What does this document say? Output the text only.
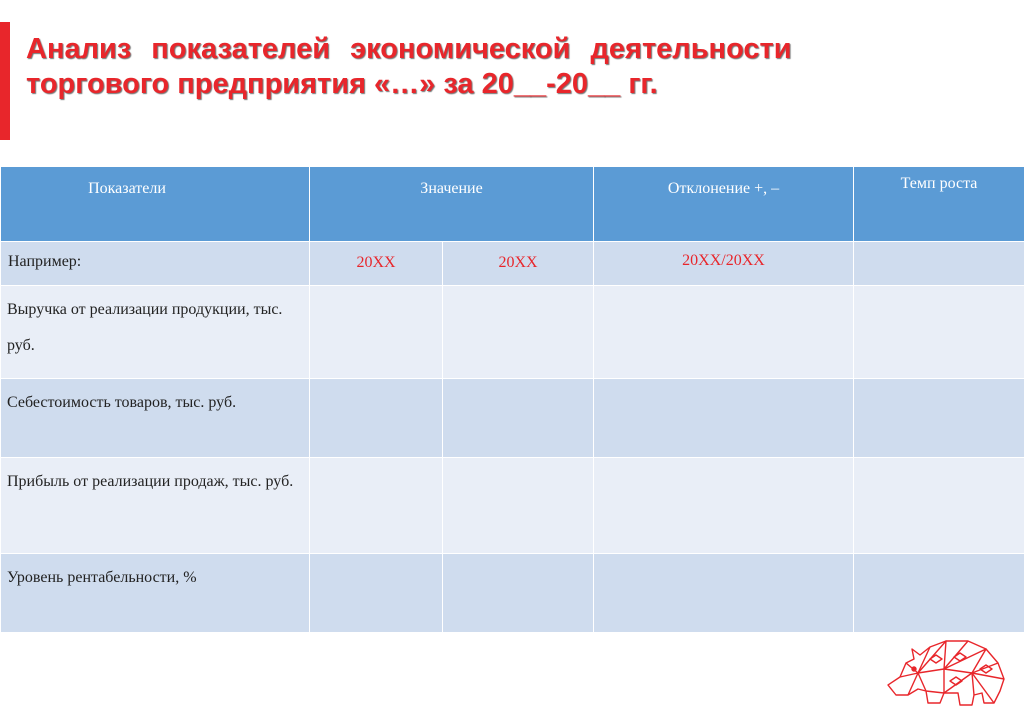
Анализ показателей экономической деятельности
торгового предприятия «…» за 20__-20__ гг.
Показатели	Значение		Отклонение +, –	Темп роста

Например:	20ХХ	20ХХ	20ХХ/20ХХ	

Выручка от реализации продукции, тыс. руб.				

Себестоимость товаров, тыс. руб.				

Прибыль от реализации продаж, тыс. руб.				

Уровень рентабельности, %				
